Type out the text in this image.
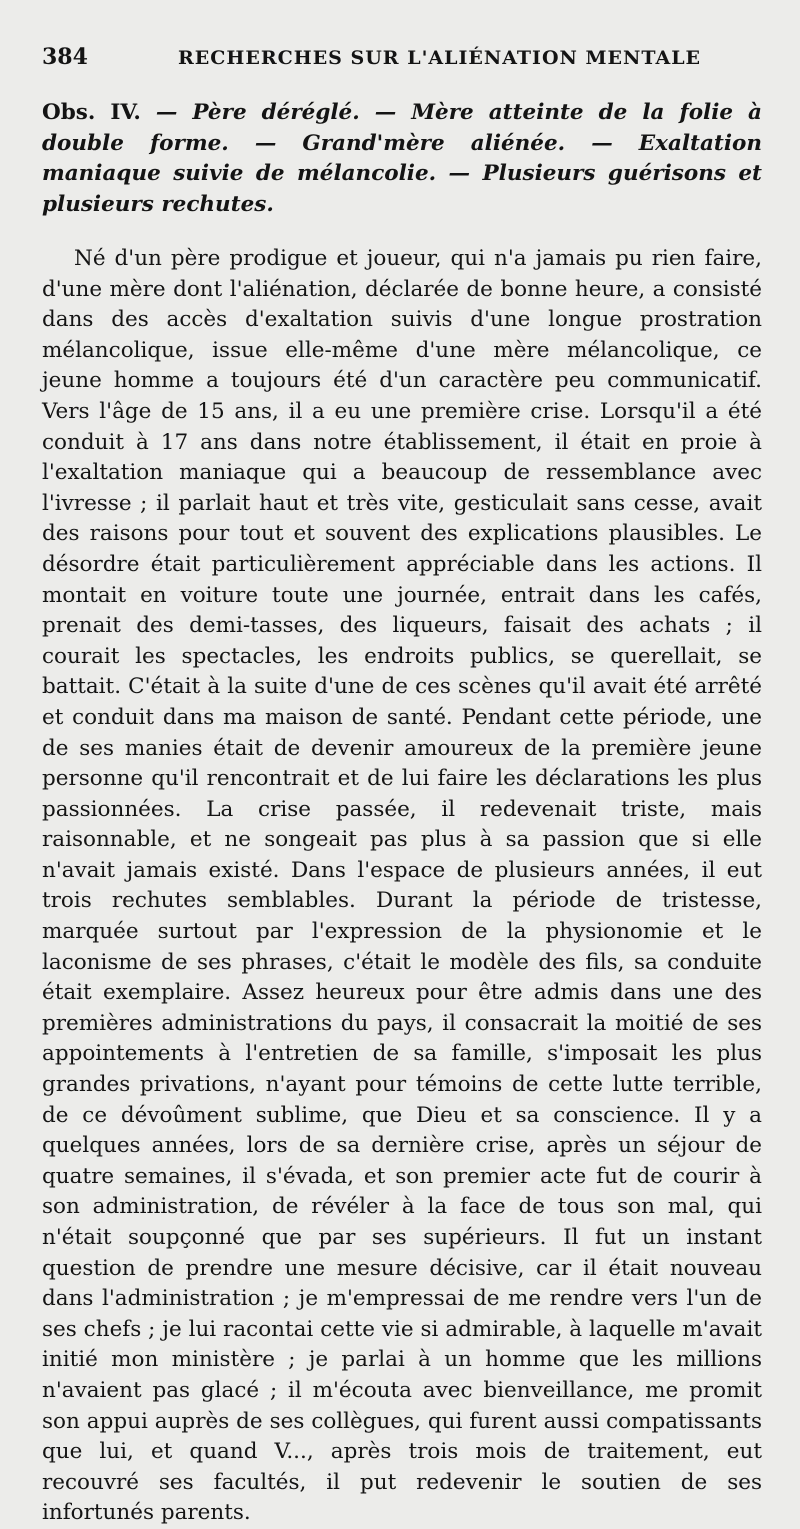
384	RECHERCHES SUR L'ALIÉNATION MENTALE
Obs. IV. — Père déréglé. — Mère atteinte de la folie à double forme. — Grand'mère aliénée. — Exaltation maniaque suivie de mélancolie. — Plusieurs guérisons et plusieurs rechutes.

Né d'un père prodigue et joueur, qui n'a jamais pu rien faire, d'une mère dont l'aliénation, déclarée de bonne heure, a consisté dans des accès d'exaltation suivis d'une longue prostration mélancolique, issue elle-même d'une mère mélancolique, ce jeune homme a toujours été d'un caractère peu communicatif. Vers l'âge de 15 ans, il a eu une première crise. Lorsqu'il a été conduit à 17 ans dans notre établissement, il était en proie à l'exaltation maniaque qui a beaucoup de ressemblance avec l'ivresse ; il parlait haut et très vite, gesticulait sans cesse, avait des raisons pour tout et souvent des explications plausibles. Le désordre était particulièrement appréciable dans les actions. Il montait en voiture toute une journée, entrait dans les cafés, prenait des demi-tasses, des liqueurs, faisait des achats ; il courait les spectacles, les endroits publics, se querellait, se battait. C'était à la suite d'une de ces scènes qu'il avait été arrêté et conduit dans ma maison de santé. Pendant cette période, une de ses manies était de devenir amoureux de la première jeune personne qu'il rencontrait et de lui faire les déclarations les plus passionnées. La crise passée, il redevenait triste, mais raisonnable, et ne songeait pas plus à sa passion que si elle n'avait jamais existé. Dans l'espace de plusieurs années, il eut trois rechutes semblables. Durant la période de tristesse, marquée surtout par l'expression de la physionomie et le laconisme de ses phrases, c'était le modèle des fils, sa conduite était exemplaire. Assez heureux pour être admis dans une des premières administrations du pays, il consacrait la moitié de ses appointements à l'entretien de sa famille, s'imposait les plus grandes privations, n'ayant pour témoins de cette lutte terrible, de ce dévoûment sublime, que Dieu et sa conscience. Il y a quelques années, lors de sa dernière crise, après un séjour de quatre semaines, il s'évada, et son premier acte fut de courir à son administration, de révéler à la face de tous son mal, qui n'était soupçonné que par ses supérieurs. Il fut un instant question de prendre une mesure décisive, car il était nouveau dans l'administration ; je m'empressai de me rendre vers l'un de ses chefs ; je lui racontai cette vie si admirable, à laquelle m'avait initié mon ministère ; je parlai à un homme que les millions n'avaient pas glacé ; il m'écouta avec bienveillance, me promit son appui auprès de ses collègues, qui furent aussi compatissants que lui, et quand V..., après trois mois de traitement, eut recouvré ses facultés, il put redevenir le soutien de ses infortunés parents.
